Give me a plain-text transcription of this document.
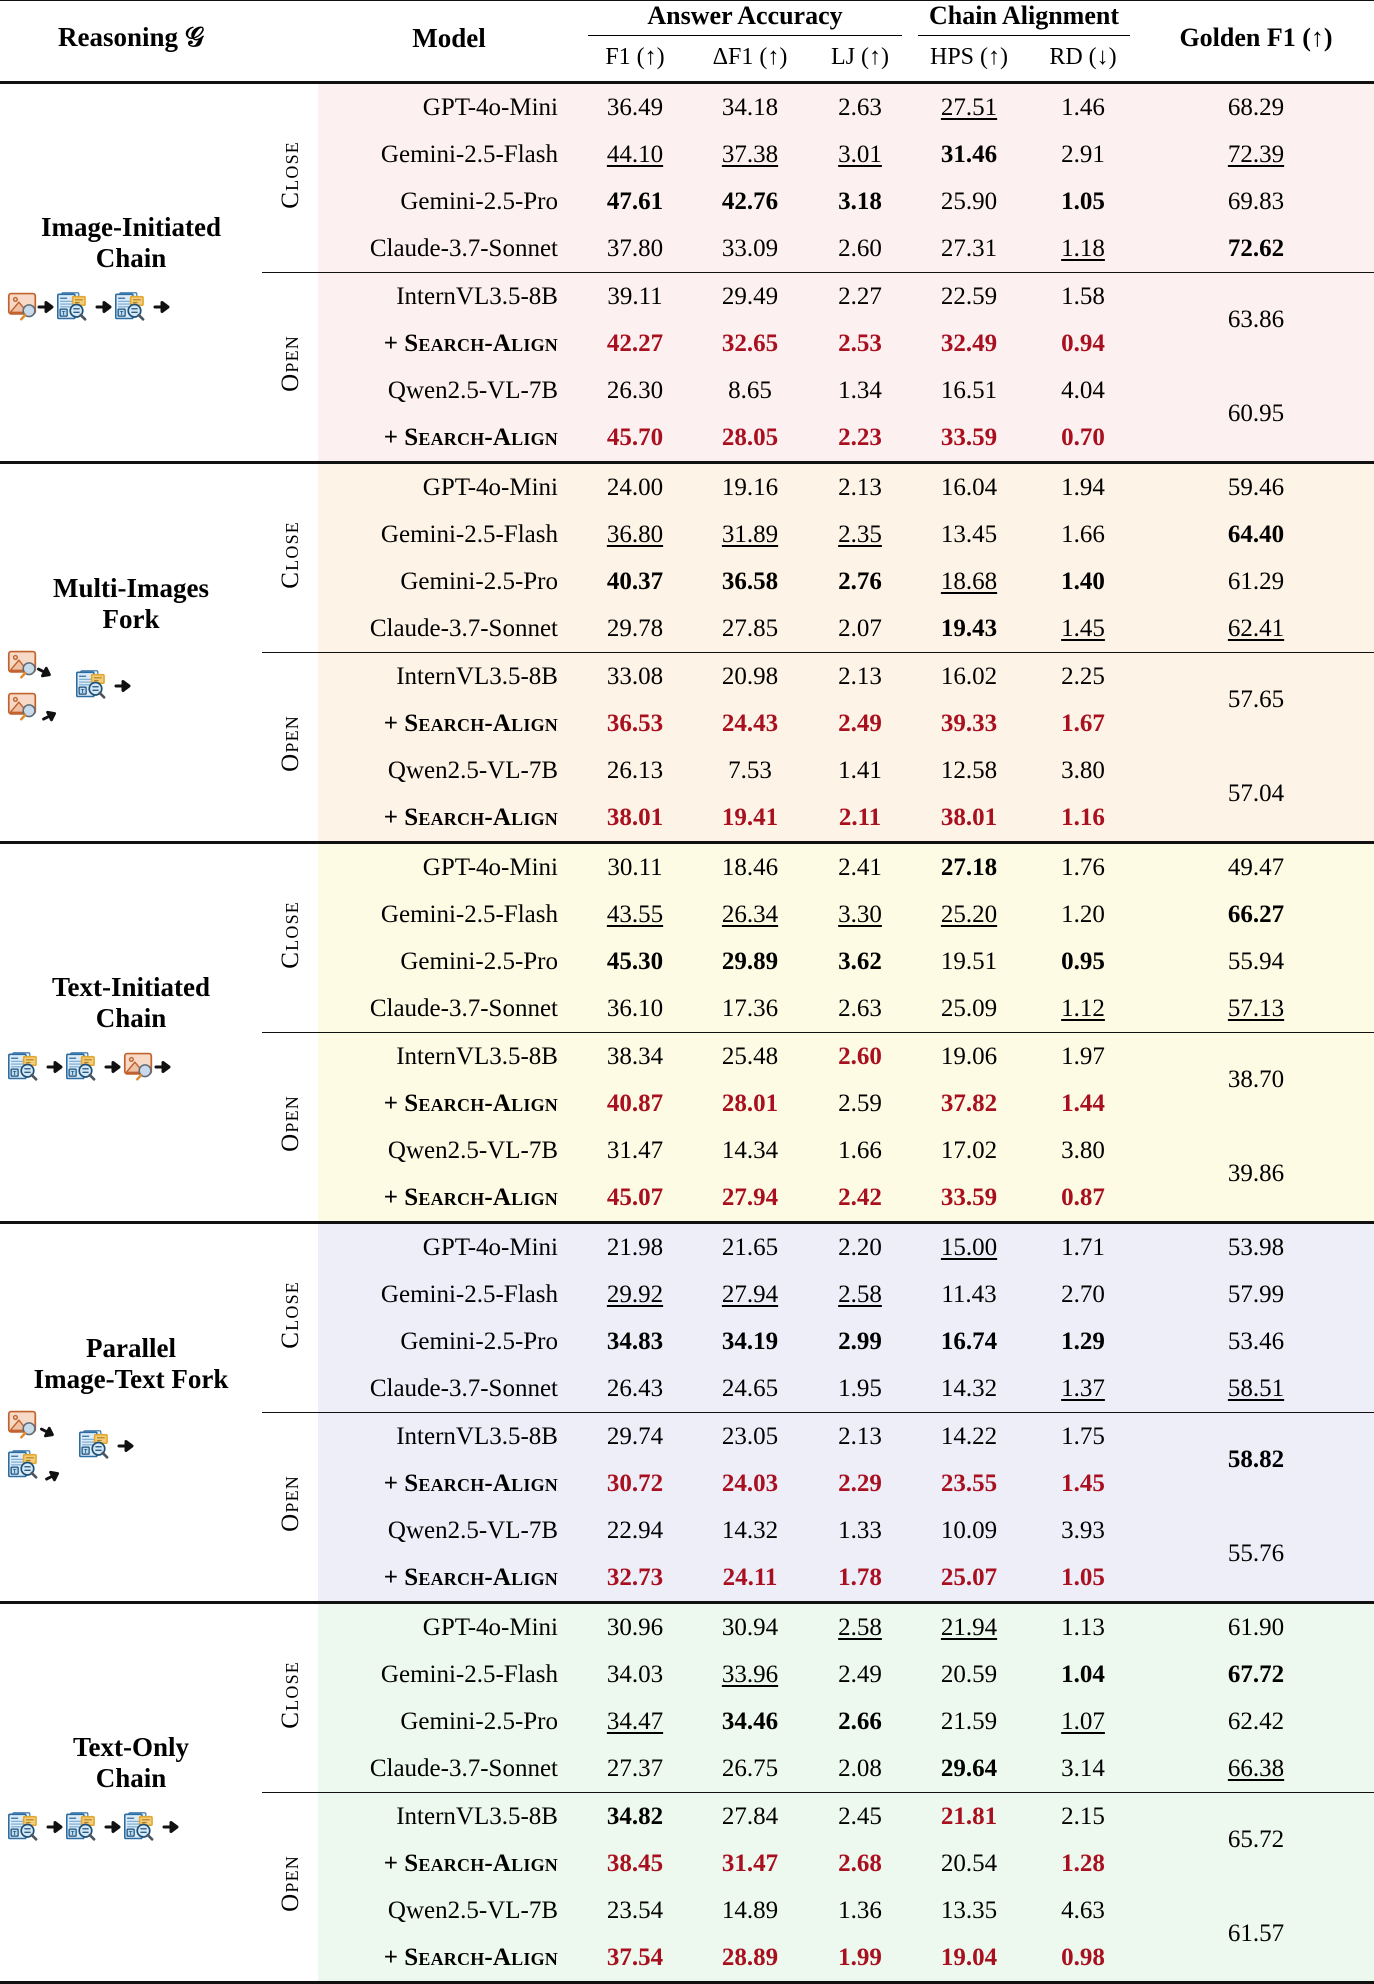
Reasoning 𝒢		Model	Answer Accuracy			Chain Alignment		Golden F1 (↑)
			F1 (↑)	ΔF1 (↑)	LJ (↑)	HPS (↑)	RD (↓)	

Image-Initiated
Chain
T T	Close	GPT-4o-Mini	36.49	34.18	2.63	27.51	1.46	68.29
		Gemini-2.5-Flash	44.10	37.38	3.01	31.46	2.91	72.39
		Gemini-2.5-Pro	47.61	42.76	3.18	25.90	1.05	69.83
		Claude-3.7-Sonnet	37.80	33.09	2.60	27.31	1.18	72.62
	Open	InternVL3.5-8B	39.11	29.49	2.27	22.59	1.58	63.86
		+ Search-Align	42.27	32.65	2.53	32.49	0.94	
		Qwen2.5-VL-7B	26.30	8.65	1.34	16.51	4.04	60.95
		+ Search-Align	45.70	28.05	2.23	33.59	0.70	

Multi-Images
Fork
T	Close	GPT-4o-Mini	24.00	19.16	2.13	16.04	1.94	59.46
		Gemini-2.5-Flash	36.80	31.89	2.35	13.45	1.66	64.40
		Gemini-2.5-Pro	40.37	36.58	2.76	18.68	1.40	61.29
		Claude-3.7-Sonnet	29.78	27.85	2.07	19.43	1.45	62.41
	Open	InternVL3.5-8B	33.08	20.98	2.13	16.02	2.25	57.65
		+ Search-Align	36.53	24.43	2.49	39.33	1.67	
		Qwen2.5-VL-7B	26.13	7.53	1.41	12.58	3.80	57.04
		+ Search-Align	38.01	19.41	2.11	38.01	1.16	

Text-Initiated
Chain
T T	Close	GPT-4o-Mini	30.11	18.46	2.41	27.18	1.76	49.47
		Gemini-2.5-Flash	43.55	26.34	3.30	25.20	1.20	66.27
		Gemini-2.5-Pro	45.30	29.89	3.62	19.51	0.95	55.94
		Claude-3.7-Sonnet	36.10	17.36	2.63	25.09	1.12	57.13
	Open	InternVL3.5-8B	38.34	25.48	2.60	19.06	1.97	38.70
		+ Search-Align	40.87	28.01	2.59	37.82	1.44	
		Qwen2.5-VL-7B	31.47	14.34	1.66	17.02	3.80	39.86
		+ Search-Align	45.07	27.94	2.42	33.59	0.87	

Parallel
Image-Text Fork
T
T	Close	GPT-4o-Mini	21.98	21.65	2.20	15.00	1.71	53.98
		Gemini-2.5-Flash	29.92	27.94	2.58	11.43	2.70	57.99
		Gemini-2.5-Pro	34.83	34.19	2.99	16.74	1.29	53.46
		Claude-3.7-Sonnet	26.43	24.65	1.95	14.32	1.37	58.51
	Open	InternVL3.5-8B	29.74	23.05	2.13	14.22	1.75	58.82
		+ Search-Align	30.72	24.03	2.29	23.55	1.45	
		Qwen2.5-VL-7B	22.94	14.32	1.33	10.09	3.93	55.76
		+ Search-Align	32.73	24.11	1.78	25.07	1.05	

Text-Only
Chain
T T T	Close	GPT-4o-Mini	30.96	30.94	2.58	21.94	1.13	61.90
		Gemini-2.5-Flash	34.03	33.96	2.49	20.59	1.04	67.72
		Gemini-2.5-Pro	34.47	34.46	2.66	21.59	1.07	62.42
		Claude-3.7-Sonnet	27.37	26.75	2.08	29.64	3.14	66.38
	Open	InternVL3.5-8B	34.82	27.84	2.45	21.81	2.15	65.72
		+ Search-Align	38.45	31.47	2.68	20.54	1.28	
		Qwen2.5-VL-7B	23.54	14.89	1.36	13.35	4.63	61.57
		+ Search-Align	37.54	28.89	1.99	19.04	0.98	
